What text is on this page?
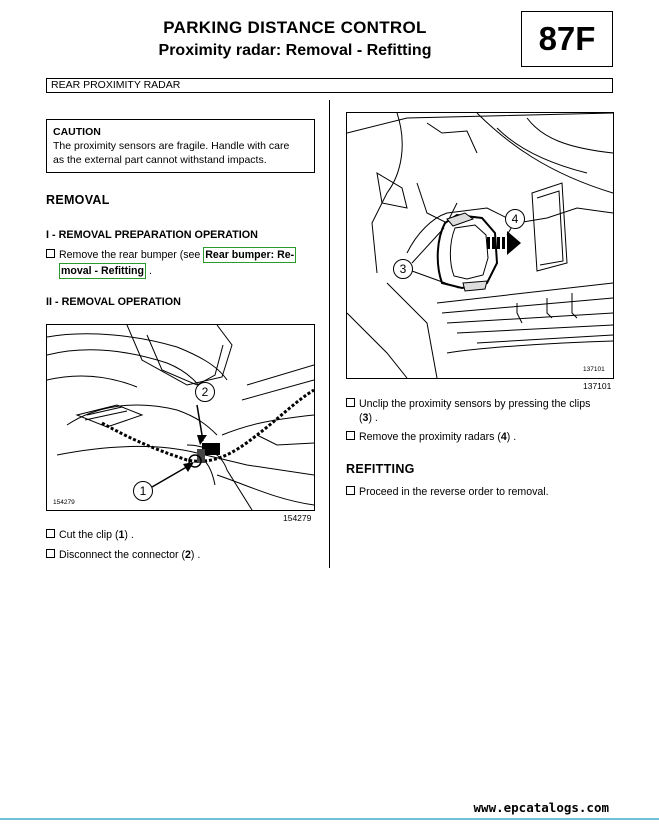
PARKING DISTANCE CONTROL
Proximity radar: Removal - Refitting	87F
REAR PROXIMITY RADAR
CAUTION
The proximity sensors are fragile. Handle with care
as the external part cannot withstand impacts.
REMOVAL
I - REMOVAL PREPARATION OPERATION
Remove the rear bumper (see Rear bumper: Re-
moval - Refitting .
II - REMOVAL OPERATION
2
1
154279
154279
Cut the clip (1) .
Disconnect the connector (2) .
4
3
137101
137101
Unclip the proximity sensors by pressing the clips
(3) .
Remove the proximity radars (4) .
REFITTING
Proceed in the reverse order to removal.
www.epcatalogs.com
